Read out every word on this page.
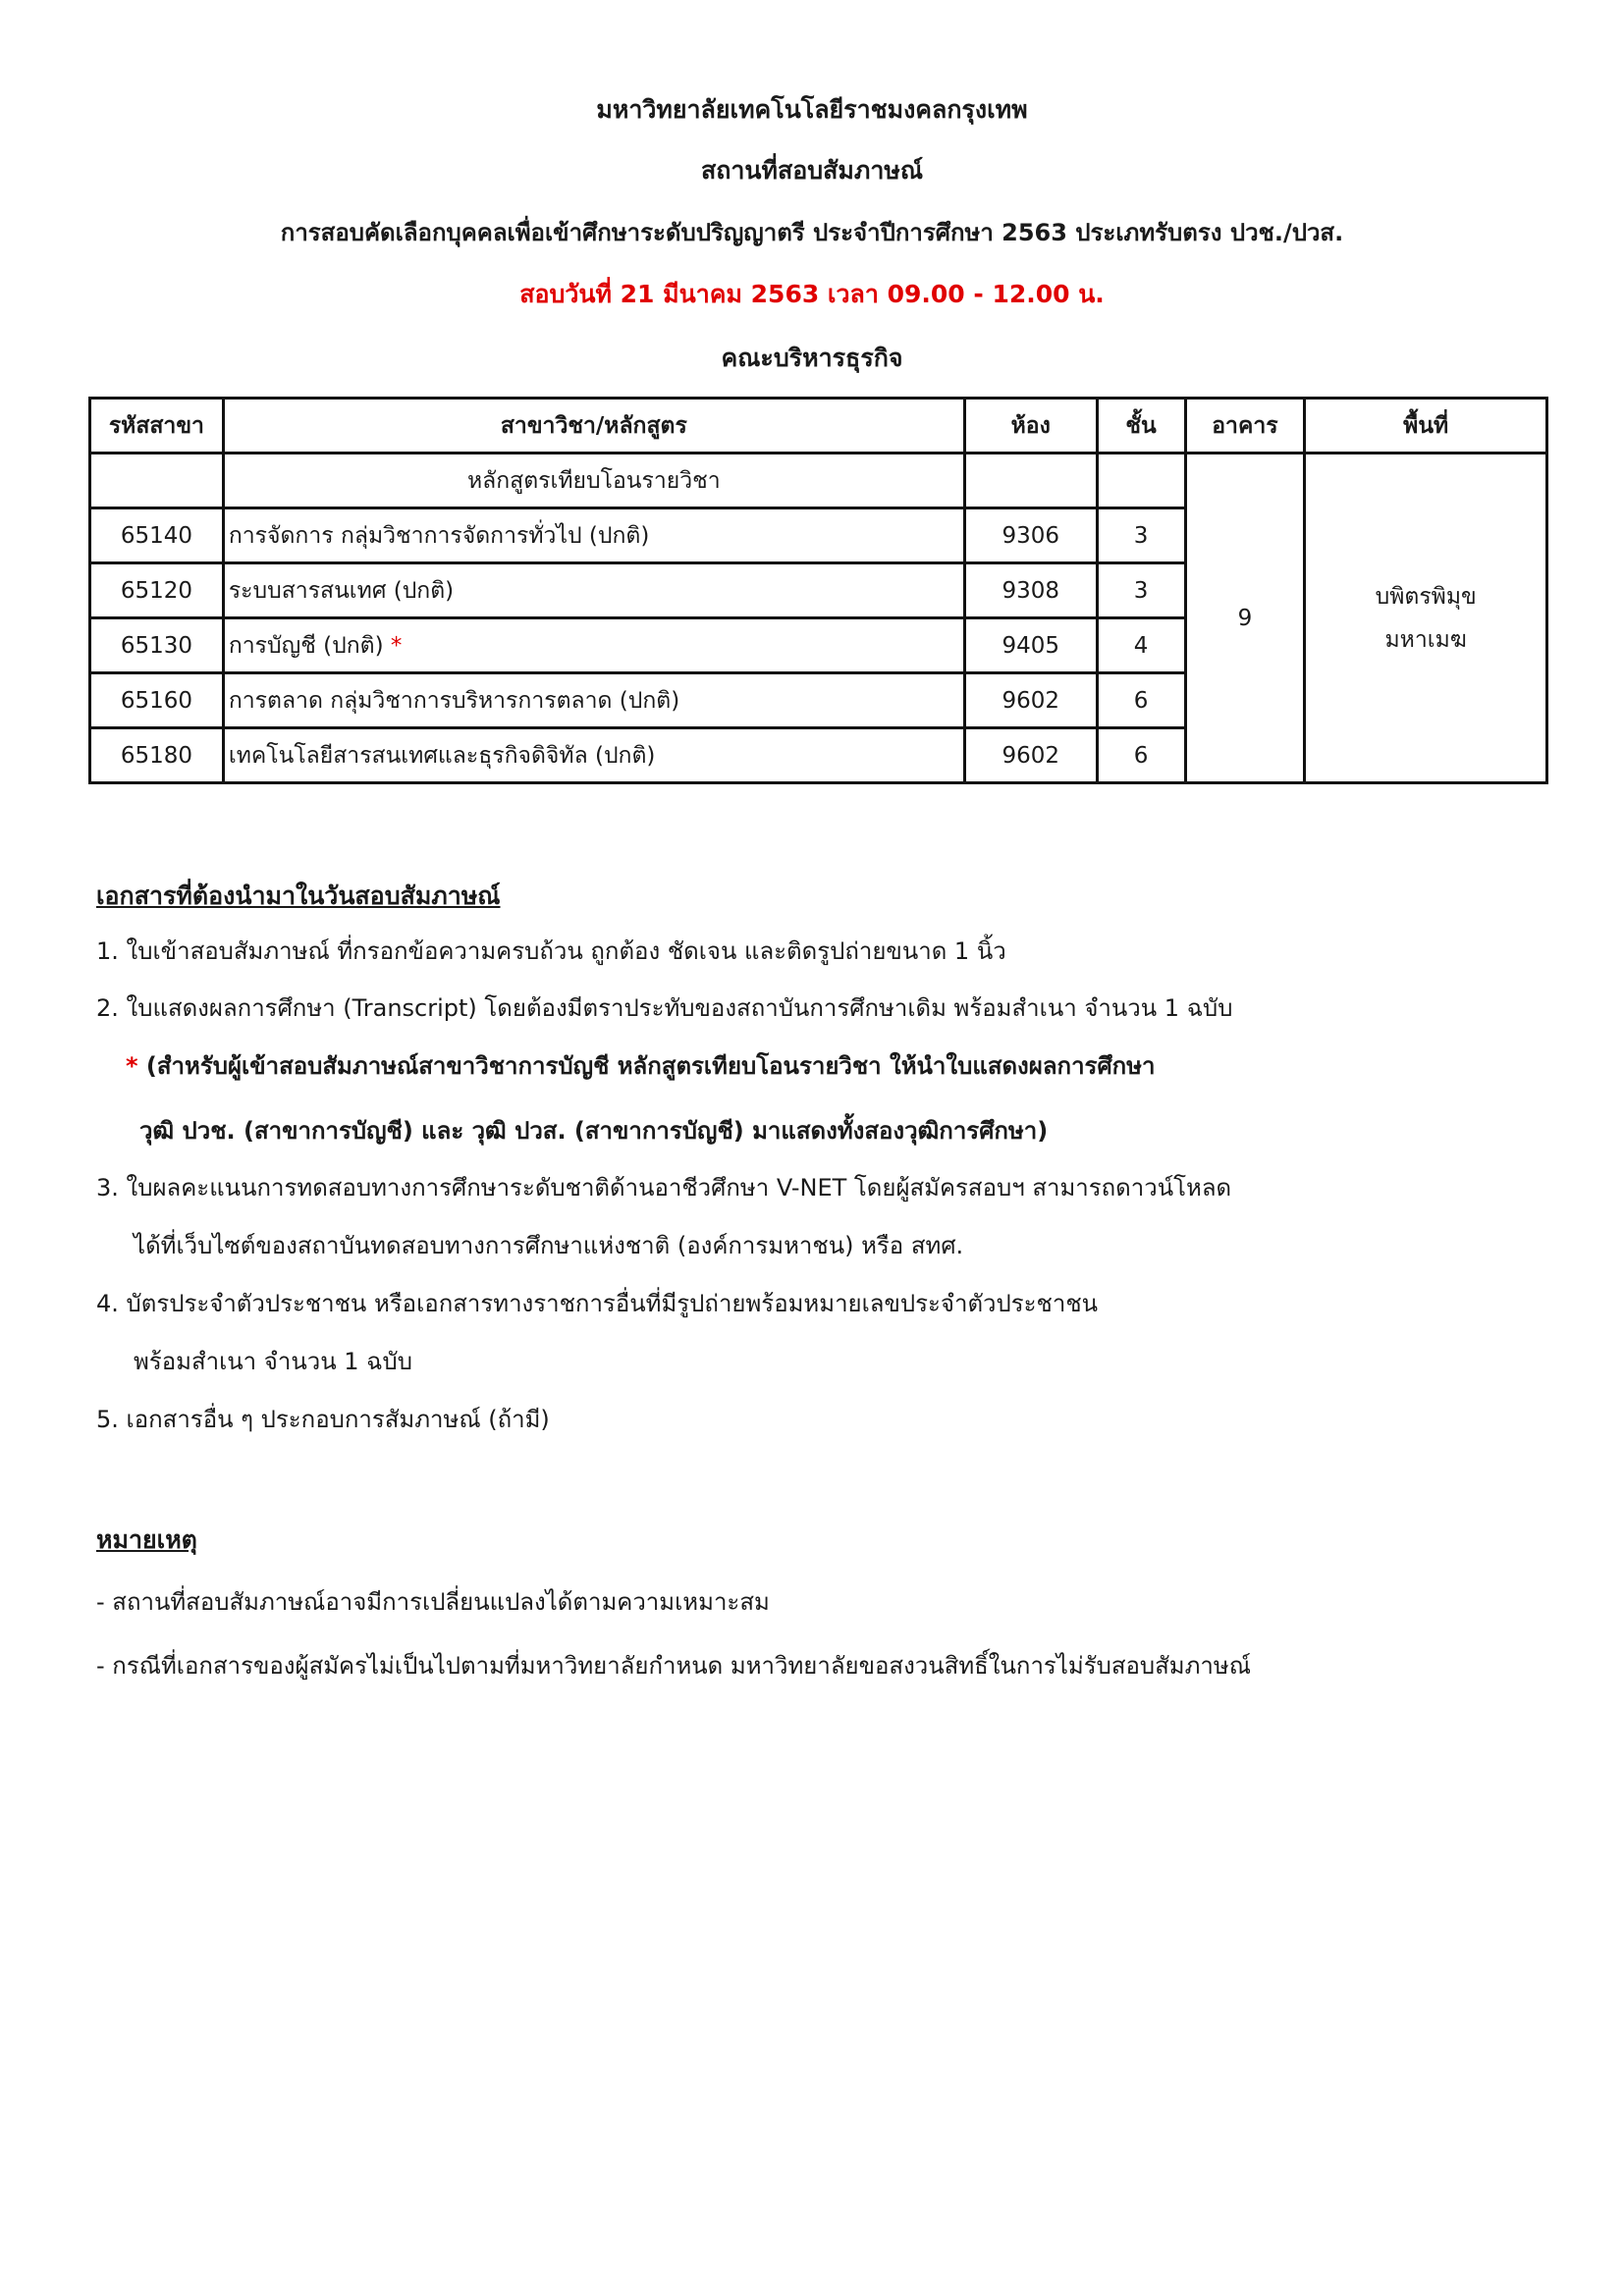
มหาวิทยาลัยเทคโนโลยีราชมงคลกรุงเทพ
สถานที่สอบสัมภาษณ์
การสอบคัดเลือกบุคคลเพื่อเข้าศึกษาระดับปริญญาตรี ประจำปีการศึกษา 2563 ประเภทรับตรง ปวช./ปวส.
สอบวันที่ 21 มีนาคม 2563 เวลา 09.00 - 12.00 น.
คณะบริหารธุรกิจ
รหัสสาขา	สาขาวิชา/หลักสูตร	ห้อง	ชั้น	อาคาร	พื้นที่
	หลักสูตรเทียบโอนรายวิชา			9	บพิตรพิมุข
มหาเมฆ

65140	การจัดการ กลุ่มวิชาการจัดการทั่วไป (ปกติ)	9306	3		
65120	ระบบสารสนเทศ (ปกติ)	9308	3		
65130	การบัญชี (ปกติ) *	9405	4		
65160	การตลาด กลุ่มวิชาการบริหารการตลาด (ปกติ)	9602	6		
65180	เทคโนโลยีสารสนเทศและธุรกิจดิจิทัล (ปกติ)	9602	6		
เอกสารที่ต้องนำมาในวันสอบสัมภาษณ์
1. ใบเข้าสอบสัมภาษณ์ ที่กรอกข้อความครบถ้วน ถูกต้อง ชัดเจน และติดรูปถ่ายขนาด 1 นิ้ว
2. ใบแสดงผลการศึกษา (Transcript) โดยต้องมีตราประทับของสถาบันการศึกษาเดิม พร้อมสำเนา จำนวน 1 ฉบับ
* (สำหรับผู้เข้าสอบสัมภาษณ์สาขาวิชาการบัญชี หลักสูตรเทียบโอนรายวิชา ให้นำใบแสดงผลการศึกษา
วุฒิ ปวช. (สาขาการบัญชี) และ วุฒิ ปวส. (สาขาการบัญชี) มาแสดงทั้งสองวุฒิการศึกษา)
3. ใบผลคะแนนการทดสอบทางการศึกษาระดับชาติด้านอาชีวศึกษา V-NET โดยผู้สมัครสอบฯ สามารถดาวน์โหลด
ได้ที่เว็บไซต์ของสถาบันทดสอบทางการศึกษาแห่งชาติ (องค์การมหาชน) หรือ สทศ.
4. บัตรประจำตัวประชาชน หรือเอกสารทางราชการอื่นที่มีรูปถ่ายพร้อมหมายเลขประจำตัวประชาชน
พร้อมสำเนา จำนวน 1 ฉบับ
5. เอกสารอื่น ๆ ประกอบการสัมภาษณ์ (ถ้ามี)
หมายเหตุ
- สถานที่สอบสัมภาษณ์อาจมีการเปลี่ยนแปลงได้ตามความเหมาะสม
- กรณีที่เอกสารของผู้สมัครไม่เป็นไปตามที่มหาวิทยาลัยกำหนด มหาวิทยาลัยขอสงวนสิทธิ์ในการไม่รับสอบสัมภาษณ์
